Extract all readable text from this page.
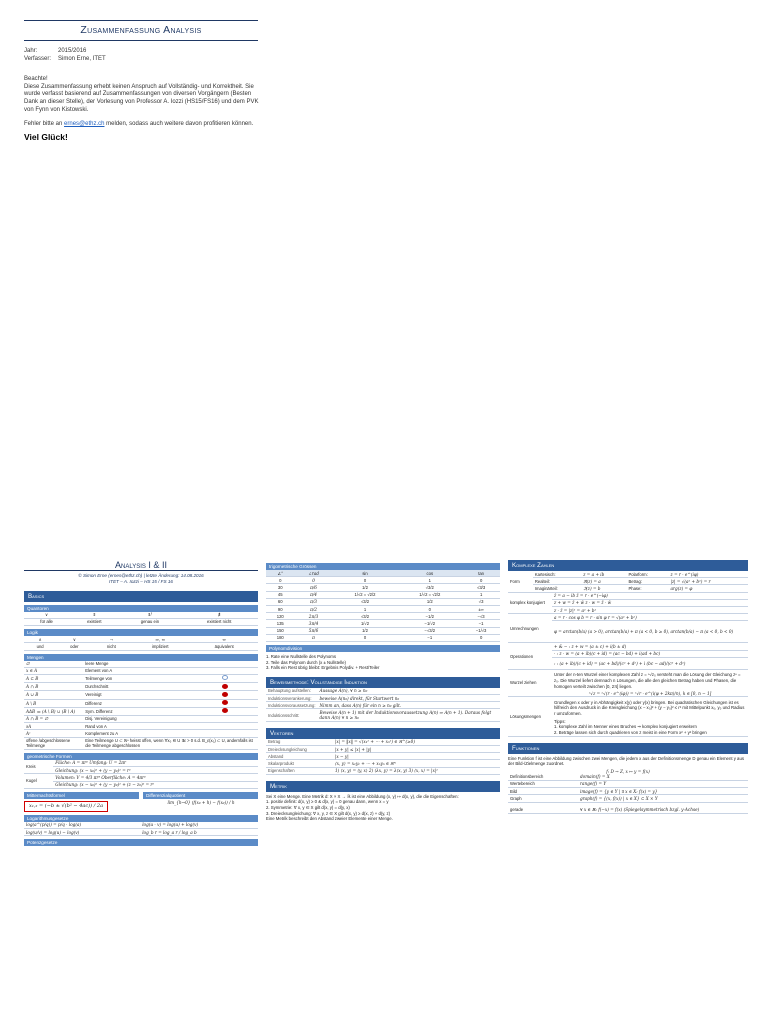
Zusammenfassung Analysis
Jahr:	2015/2016
Verfasser: Simon Erne, ITET

Beachte!
Diese Zusammenfassung erhebt keinen Anspruch auf Vollständig- und Korrektheit. Sie wurde verfasst basierend auf Zusammenfassungen von diversen Vorgängern (Besten Dank an dieser Stelle), der Vorlesung von Professor A. Iozzi (HS15/FS16) und dem PVK von Fynn von Kistowski.

Fehler bitte an ernes@ethz.ch melden, sodass auch weitere davon profitieren können.

Viel Glück!
Analysis I & II
© Simon Erne (ernes@ethz.ch) | letzte Änderung: 14.08.2016
ITET – A. Iozzi – HS 15 / FS 16
Basics
Quantoren
∨	∃	∃!	∄
für alle	existiert	genau ein	existiert nicht
Logik
∧	∨	¬	⇒, ⇐	⇔
und	oder	nicht	impliziert	äquivalent
Mengen
∅	leere Menge	
x ∈ A	Element von A	
A ⊂ B	Teilmenge von	
A ∩ B	Durchschnitt	
A ∪ B	Vereinigt	
A \ B	Differenz	
AΔB ≔ (A \ B) ∪ (B \ A)	Sym. Differenz	
A ∩ B = ∅	Disj. Vereinigung	
∂A	Rand von A	
Aᶜ	Komplement zu A	
offene /abgeschlossene Teilmenge	Eine Teilmenge U ⊂ ℝⁿ heisst offen, wenn ∀x₀ ∈ U ∃ε > 0 s.d. B_ε(x₀) ⊂ U, andernfalls ist die Teilmenge abgeschlossen	
geometrische Formen
Kreis	Fläche: A = πr² Umfang: U = 2πr
	Gleichung: (x − x₀)² + (y − y₀)² = r²
Kugel	Volumen: V = 4/3 πr³ Oberfläche: A = 4πr²
	Gleichung: (x − x₀)² + (y − y₀)² + (z − z₀)² = r²
Mitternachtsformel	Differenzialquotient
x₁,₂ = (−b ± √(b² − 4ac)) / 2a	lim_{h→0} (f(x₀ + h) − f(x₀)) / h
Logarithmusgesetze
log(a^(p/q)) = p/q · log(a)	log(u · v) = log(u) + log(v)
log(u/v) = log(u) − log(v)	log_b r = log_a r / log_a b
Potenzgesetze
trigometrische Grössen
∠°	∠rad	sin	cos	tan
0	0	0	1	0
30	π/6	1/2	√3/2	√3/3
45	π/4	1/√2 = √2/2	1/√2 = √2/2	1
60	π/3	√3/2	1/2	√3
90	π/2	1	0	±∞
120	2π/3	√3/2	−1/2	−√3
135	3π/4	1/√2	−1/√2	−1
150	5π/6	1/2	−√3/2	−1/√3
180	π	0	−1	0
Polynomdivision
1. Rate eine Nullstelle des Polynoms
2. Teile das Polynom durch (x ± Nullstelle)
3. Falls ein Rest übrig bleibt: Ergebnis Polydiv. + Rest/Teiler
Beweismethode: Vollständige Induktion
Behauptung aufstellen:	Aussage A(n), ∀ n ≥ n₀
Induktionsverankerung:	beweise A(n₀) direkt, für Startwert n₀
Induktionsvoraussetzung:	Nimm an, dass A(n) für ein n ≥ n₀ gilt.
Induktionsschritt:	Beweise A(n + 1) mit der Induktionsvoraussetzung A(n) ⇒ A(n + 1). Daraus folgt dann A(n) ∀ n ≥ n₀
Vektoren
Betrag	|x| = ‖x‖ = √(x₁² + ⋯ + xₙ²) ∈ ℝ^(≥0)
Dreiecksungleichung	|x + y| ≤ |x| + |y|
Abstand	|x − y|
Skalarprodukt	⟨x, y⟩ = x₁y₁ + ⋯ + xₙyₙ ∈ ℝᴺ
Eigenschaften	1) ⟨x, y⟩ = ⟨y, x⟩ 2) ⟨λx, y⟩ = λ⟨x, y⟩ 3) ⟨x, x⟩ = |x|²
Metrik
Sei X eine Menge. Eine Metrik d: X × X → ℝ ist eine Abbildung (x, y) ↦ d(x, y), die die Eigenschaften:
1. positiv definit: d(x, y) ≥ 0 & d(x, y) = 0 genau dann, wenn x = y
2. Symmetrie: ∀ x, y ∈ X gilt d(x, y) = d(y, x)
3. Dreiecksungleichung: ∀ x, y, z ∈ X gilt d(x, y) ≥ d(x, z) + d(y, z)
Eine Metrik beschreibt den Abstand zweier Elemente einer Menge.
Komplexe Zahlen
Form	Kartesisch:	z = a + ib	Polarform:	z = r · e^(iφ)
	Realteil:	ℜ(z) = a	Betrag:	|z| = √(a² + b²) = r
	Imaginärteil:	ℑ(z) = b	Phase:	arg(z) = φ
komplex konjugiert	z̄ = a − ib z̄ = r · e^(−iφ)
z + w = z̄ + w̄ z · w = z̄ · w̄
z · z̄ = |z|² = a² + b²
Umrechnungen	a = r · cos φ b = r · sin φ r = √(a² + b²)
φ = arctan(b/a) (a > 0), arctan(b/a) + π (a < 0, b ≥ 0), arctan(b/a) − π (a < 0, b < 0)
Operationen	+ & − : z + w = (a ± c) + i(b ± d)
· : z · w = (a + ib)(c + id) = (ac − bd) + i(ad + bc)
: : (a + ib)/(c + id) = (ac + bd)/(c² + d²) + i (bc − ad)/(c² + d²)
Wurzel ziehen	
Unter der n-ten Wurzel einer komplexen Zahl z = ⁿ√z₀ versteht man die Lösung der Gleichung zⁿ = z₀. Die Wurzel liefert demnach n Lösungen, die alle den gleichen Betrag haben und Phasen, die homogen verteilt zwischen [0, 2π] liegen.
ⁿ√z = ⁿ√(r · e^(iφ)) = ⁿ√r · e^(i(φ + 2kπ)/n), k ∈ [0, n − 1]
Lösungsmengen	
Grundlegen x oder y in Abhängigkeit x(y) oder y(x) bringen. Bei quadratischen Gleichungen ist es hilfreich den Ausdruck in die Kreisgleichung (x − x₀)² + (y − y₀)² ≤ r² mit Mittelpunkt x₀, y₀ und Radius r umzuformen.
Tipps:
1. komplexe Zahl im Nenner eines Bruches ⇒ komplex konjugiert erweitern
2. Beträge lassen sich durch quadrieren von z meist in eine Form x² + y² bringen
Funktionen
Eine Funktion f ist eine Abbildung zwischen zwei Mengen, die jedem x aus der Definitionsmenge D genau ein Element y aus der Bild-/Zielmenge zuordnet.
f: D → Z, x ↦ y = f(x)
Definitionsbereich	domain(f) = X
Wertebereich	range(f) = Y
Bild	image(f) = {y ∈ Y | ∃ x ∈ X: f(x) = y}
Graph	graph(f) = {(x, f(x)) | x ∈ X} ⊂ X × Y
gerade	∀ x ∈ ℝ: f(−x) = f(x) (Spiegelsymmetrisch bzgl. y-Achse)
